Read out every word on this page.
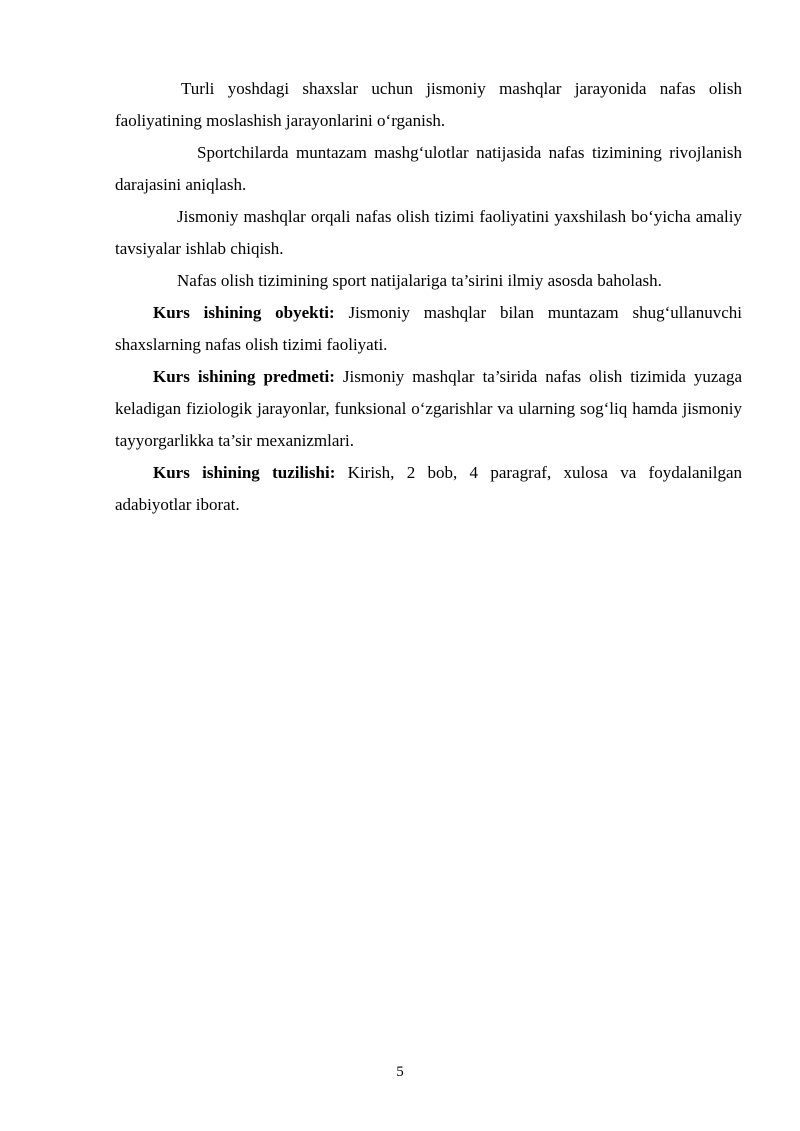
Turli yoshdagi shaxslar uchun jismoniy mashqlar jarayonida nafas olish faoliyatining moslashish jarayonlarini o‘rganish.

Sportchilarda muntazam mashg‘ulotlar natijasida nafas tizimining rivojlanish darajasini aniqlash.

Jismoniy mashqlar orqali nafas olish tizimi faoliyatini yaxshilash bo‘yicha amaliy tavsiyalar ishlab chiqish.

Nafas olish tizimining sport natijalariga ta’sirini ilmiy asosda baholash.

Kurs ishining obyekti: Jismoniy mashqlar bilan muntazam shug‘ullanuvchi shaxslarning nafas olish tizimi faoliyati.

Kurs ishining predmeti: Jismoniy mashqlar ta’sirida nafas olish tizimida yuzaga keladigan fiziologik jarayonlar, funksional o‘zgarishlar va ularning sog‘liq hamda jismoniy tayyorgarlikka ta’sir mexanizmlari.

Kurs ishining tuzilishi: Kirish, 2 bob, 4 paragraf, xulosa va foydalanilgan adabiyotlar iborat.

5
